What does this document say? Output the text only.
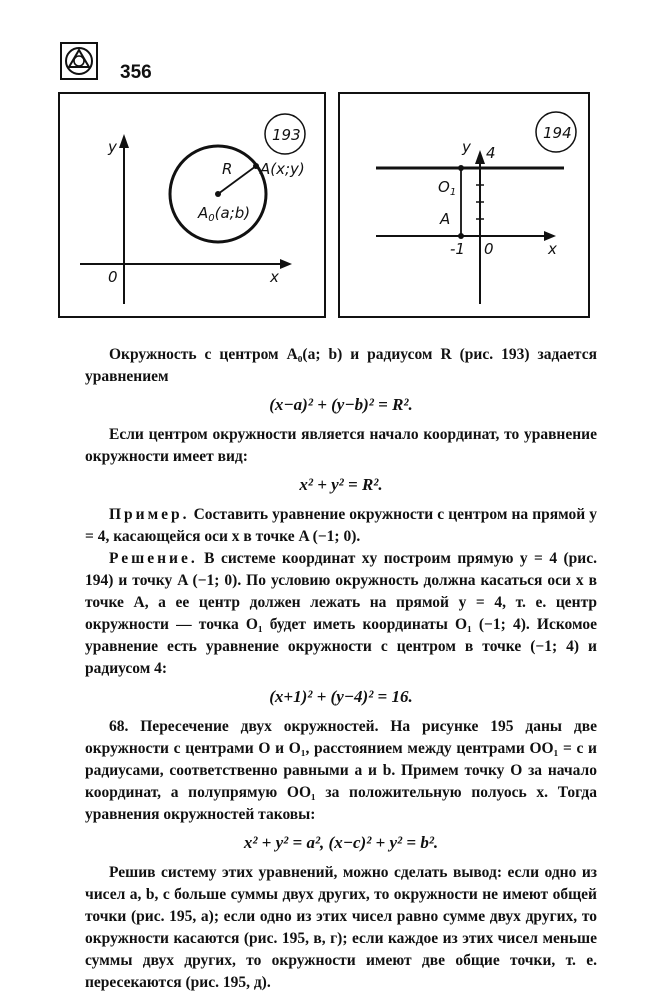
356
193
y
x
0
A(x;y)
R
$A_0(a;b)$
194
y 4
x
0
-1
$O_1$
A

Окружность с центром A₀(a; b) и радиусом R (рис. 193) задается уравнением

(x−a)² + (y−b)² = R².

Если центром окружности является начало координат, то уравнение окружности имеет вид:

x² + y² = R².

Пример. Составить уравнение окружности с центром на прямой y = 4, касающейся оси x в точке A (−1; 0).

Решение. В системе координат xy построим прямую y = 4 (рис. 194) и точку A (−1; 0). По условию окружность должна касаться оси x в точке A, а ее центр должен лежать на прямой y = 4, т. е. центр окружности — точка O₁ будет иметь координаты O₁ (−1; 4). Искомое уравнение есть уравнение окружности с центром в точке (−1; 4) и радиусом 4:

(x+1)² + (y−4)² = 16.

68. Пересечение двух окружностей. На рисунке 195 даны две окружности с центрами O и O₁, расстоянием между центрами OO₁ = c и радиусами, соответственно равными a и b. Примем точку O за начало координат, а полупрямую OO₁ за положительную полуось x. Тогда уравнения окружностей таковы:

x² + y² = a², (x−c)² + y² = b².

Решив систему этих уравнений, можно сделать вывод: если одно из чисел a, b, c больше суммы двух других, то окружности не имеют общей точки (рис. 195, а); если одно из этих чисел равно сумме двух других, то окружности касаются (рис. 195, в, г); если каждое из этих чисел меньше суммы двух других, то окружности имеют две общие точки, т. е. пересекаются (рис. 195, д).
